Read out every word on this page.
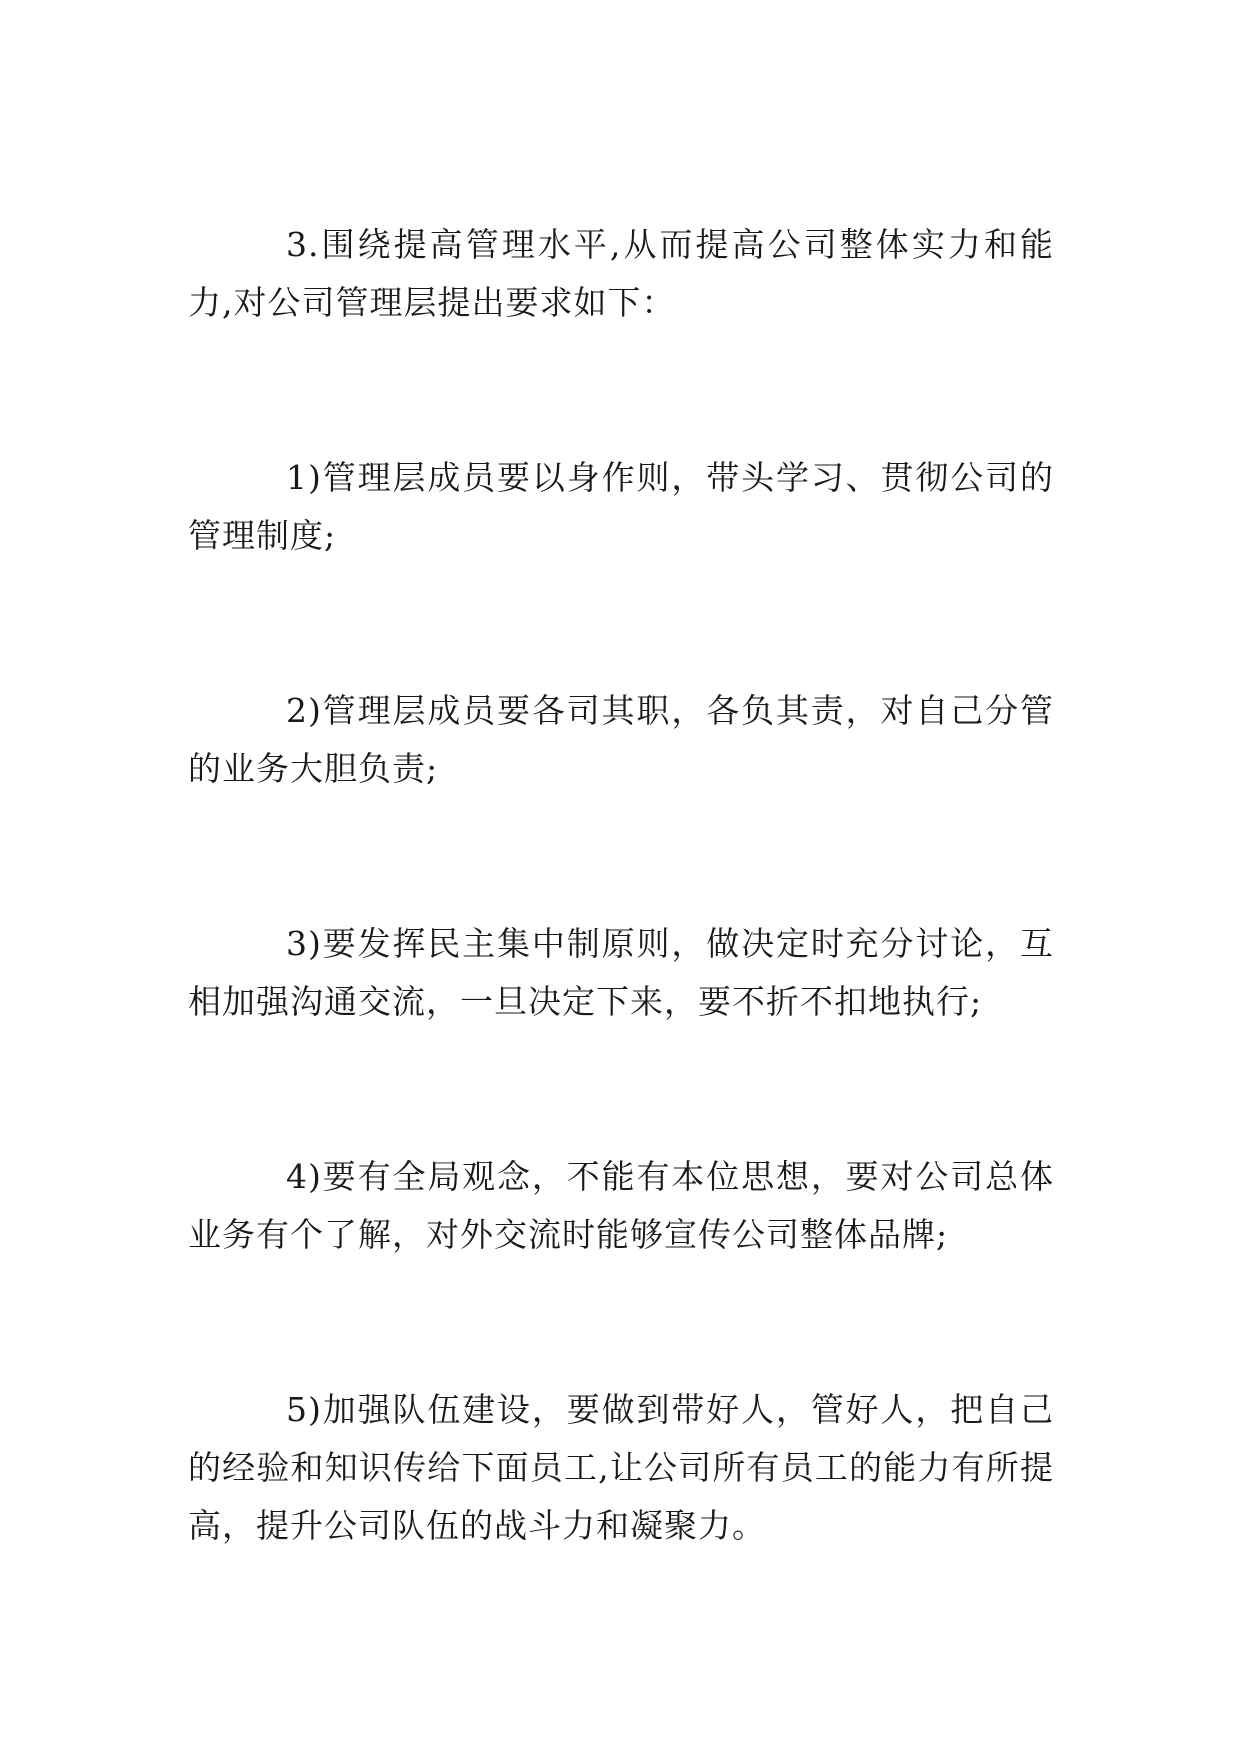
3.围绕提高管理水平,从而提高公司整体实力和能力,对公司管理层提出要求如下：

1)管理层成员要以身作则，带头学习、贯彻公司的管理制度;

2)管理层成员要各司其职，各负其责，对自己分管的业务大胆负责;

3)要发挥民主集中制原则，做决定时充分讨论，互相加强沟通交流，一旦决定下来，要不折不扣地执行;

4)要有全局观念，不能有本位思想，要对公司总体业务有个了解，对外交流时能够宣传公司整体品牌;

5)加强队伍建设，要做到带好人，管好人，把自己的经验和知识传给下面员工,让公司所有员工的能力有所提高，提升公司队伍的战斗力和凝聚力。
